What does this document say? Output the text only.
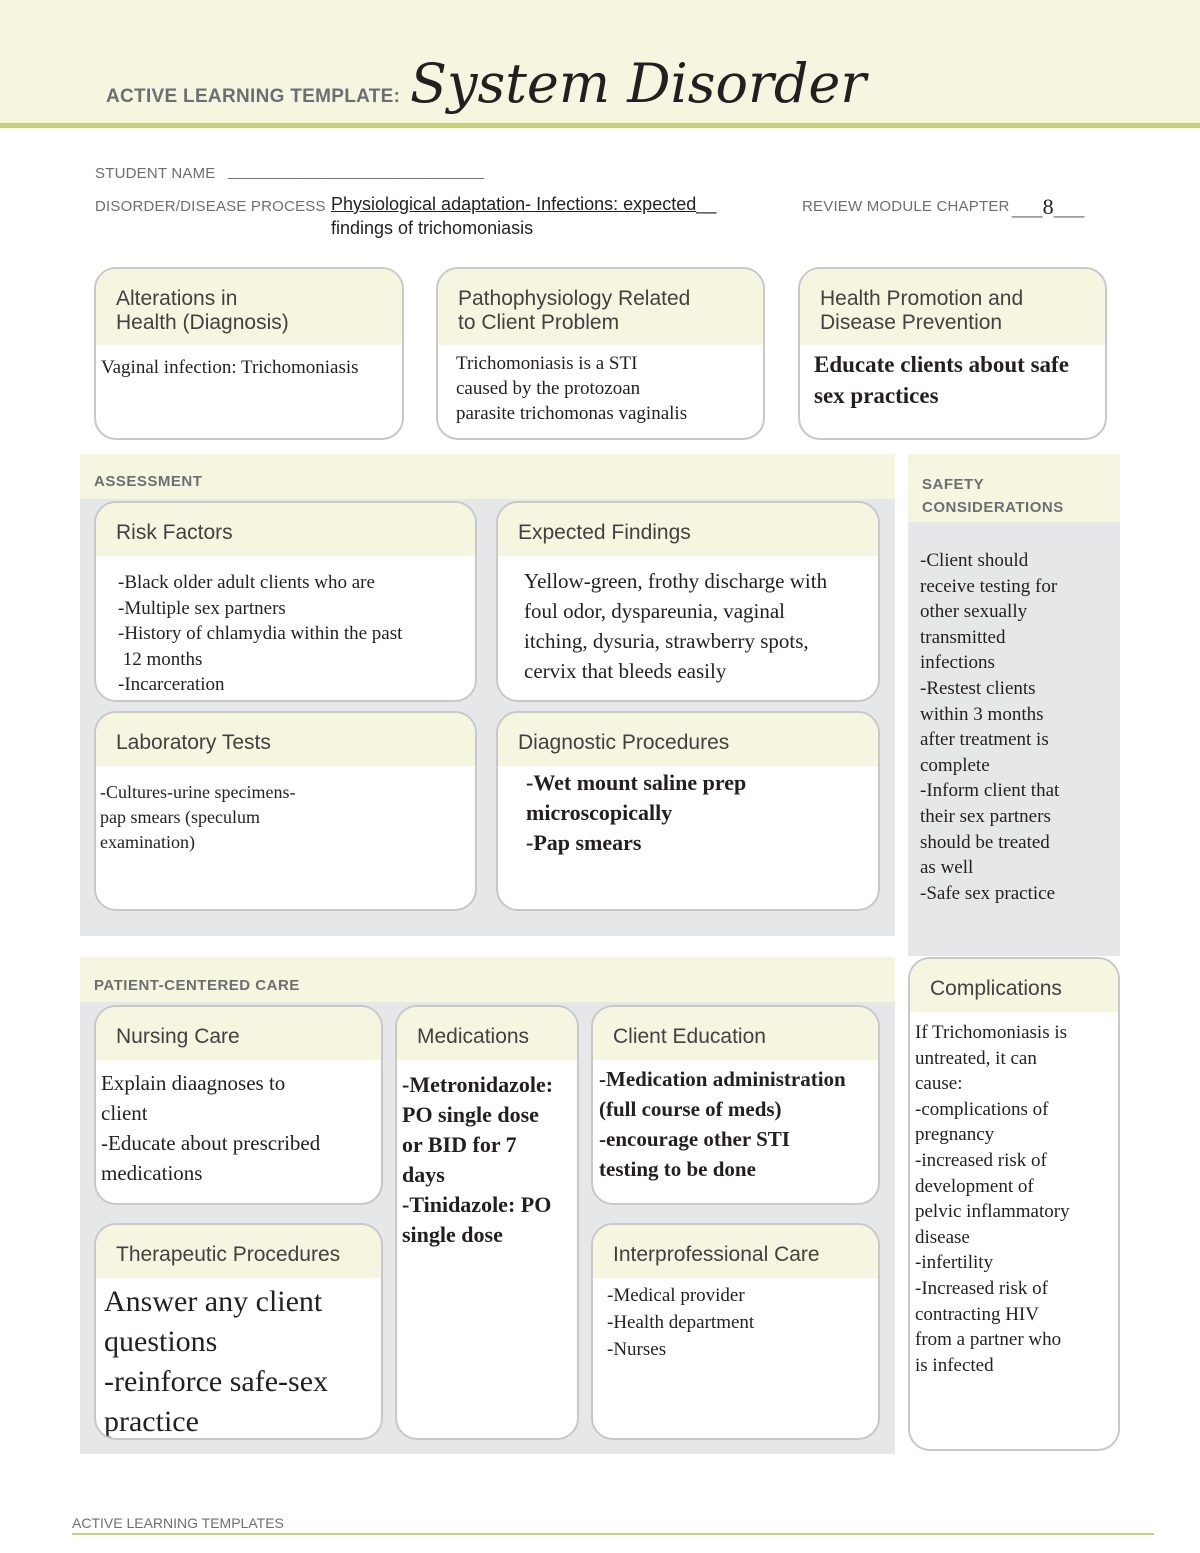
ACTIVE LEARNING TEMPLATE: System Disorder
STUDENT NAME ______________________________
DISORDER/DISEASE PROCESS Physiological adaptation- Infections: expected__
findings of trichomoniasis
REVIEW MODULE CHAPTER ___8___
Alterations in
Health (Diagnosis)
Vaginal infection: Trichomoniasis
Pathophysiology Related
to Client Problem
Trichomoniasis is a STI
caused by the protozoan
parasite trichomonas vaginalis
Health Promotion and
Disease Prevention
Educate clients about safe
sex practices
ASSESSMENT
Risk Factors
-Black older adult clients who are
-Multiple sex partners
-History of chlamydia within the past
12 months
-Incarceration
Expected Findings
Yellow-green, frothy discharge with
foul odor, dyspareunia, vaginal
itching, dysuria, strawberry spots,
cervix that bleeds easily
Laboratory Tests
-Cultures-urine specimens-
pap smears (speculum
examination)
Diagnostic Procedures
-Wet mount saline prep
microscopically
-Pap smears
SAFETY
CONSIDERATIONS
-Client should
receive testing for
other sexually
transmitted
infections
-Restest clients
within 3 months
after treatment is
complete
-Inform client that
their sex partners
should be treated
as well
-Safe sex practice
PATIENT-CENTERED CARE
Nursing Care
Explain diaagnoses to
client
-Educate about prescribed
medications
Medications
-Metronidazole:
PO single dose
or BID for 7
days
-Tinidazole: PO
single dose
Client Education
-Medication administration
(full course of meds)
-encourage other STI
testing to be done
Therapeutic Procedures
Answer any client
questions
-reinforce safe-sex
practice
Interprofessional Care
-Medical provider
-Health department
-Nurses
Complications
If Trichomoniasis is
untreated, it can
cause:
-complications of
pregnancy
-increased risk of
development of
pelvic inflammatory
disease
-infertility
-Increased risk of
contracting HIV
from a partner who
is infected
ACTIVE LEARNING TEMPLATES
